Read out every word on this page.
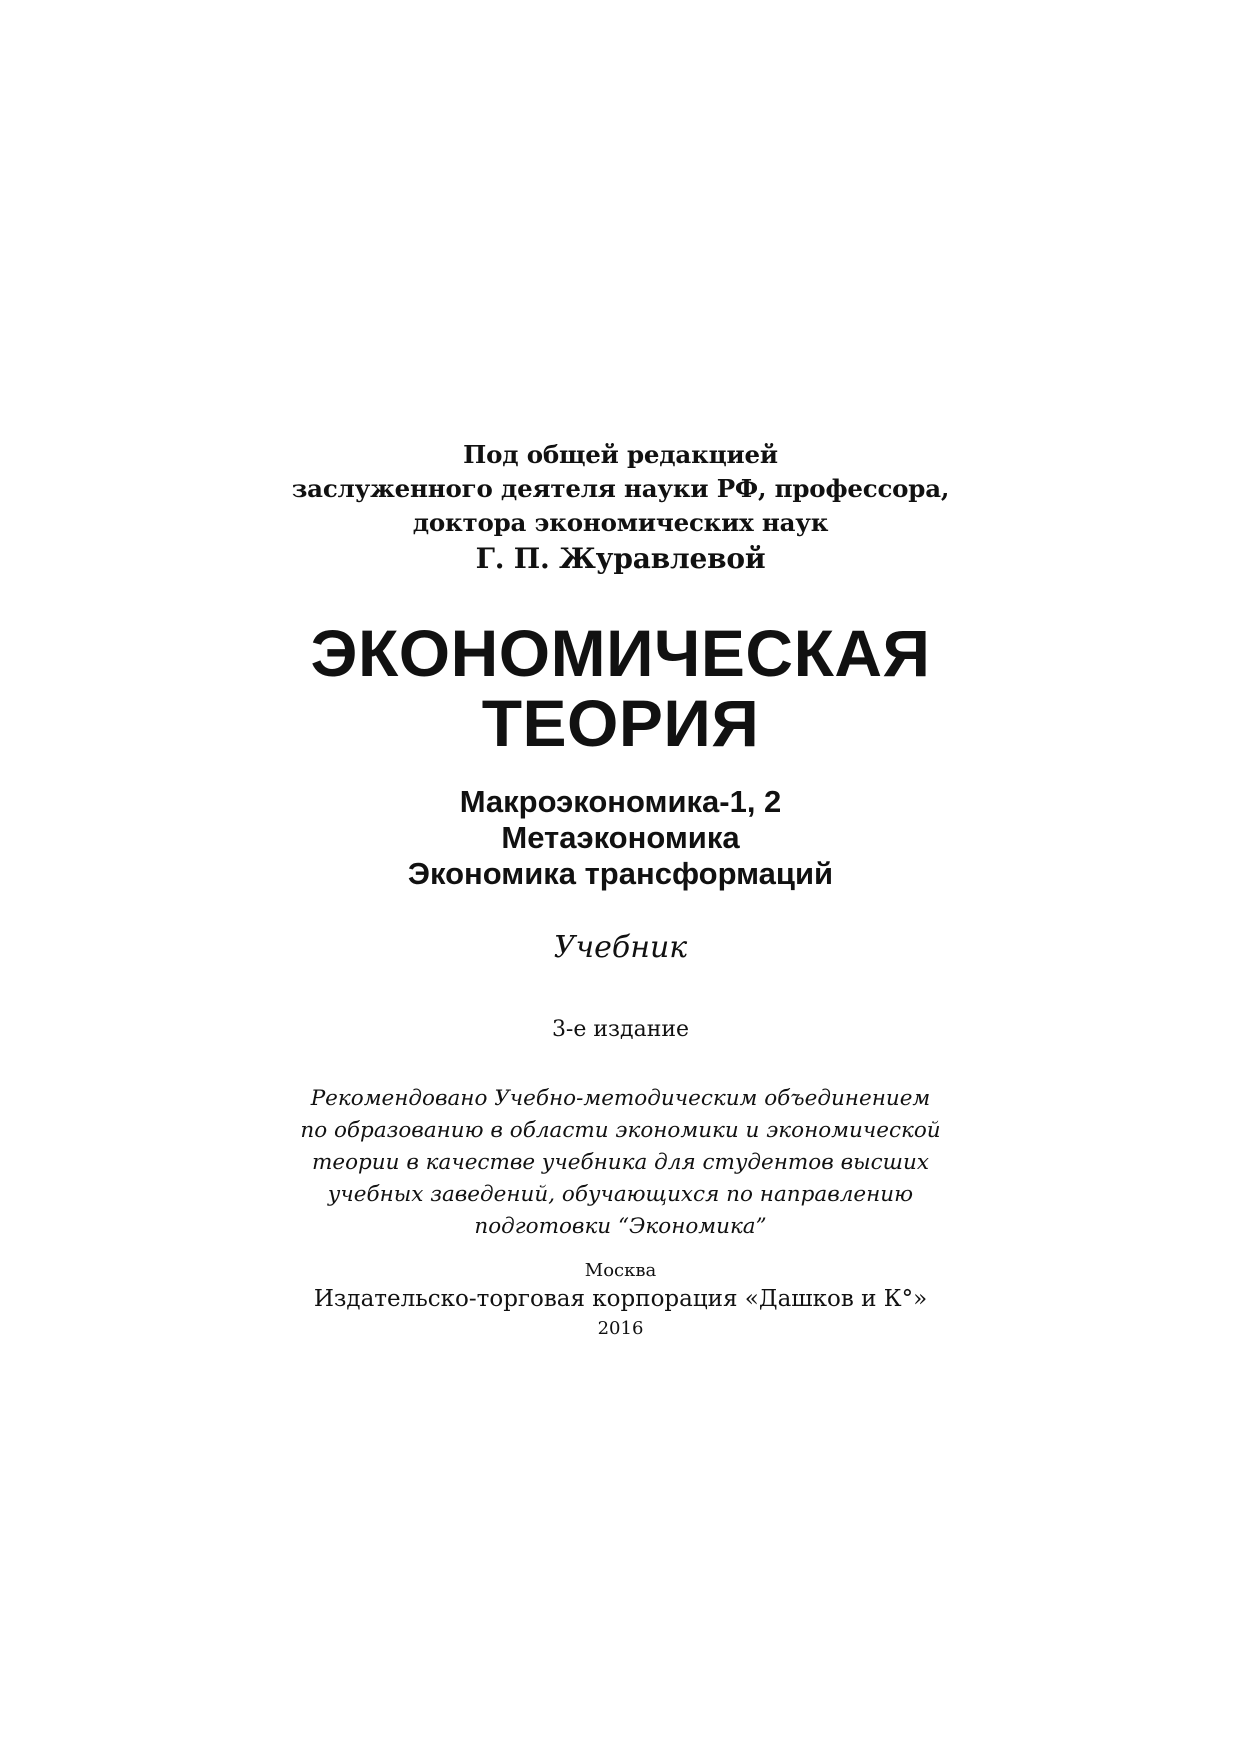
Под общей редакцией
заслуженного деятеля науки РФ, профессора,
доктора экономических наук
Г. П. Журавлевой
ЭКОНОМИЧЕСКАЯ
ТЕОРИЯ
Макроэкономика-1, 2
Метаэкономика
Экономика трансформаций
Учебник
3-е издание
Рекомендовано Учебно-методическим объединением
по образованию в области экономики и экономической
теории в качестве учебника для студентов высших
учебных заведений, обучающихся по направлению
подготовки “Экономика”
Москва
Издательско-торговая корпорация «Дашков и К°»
2016
